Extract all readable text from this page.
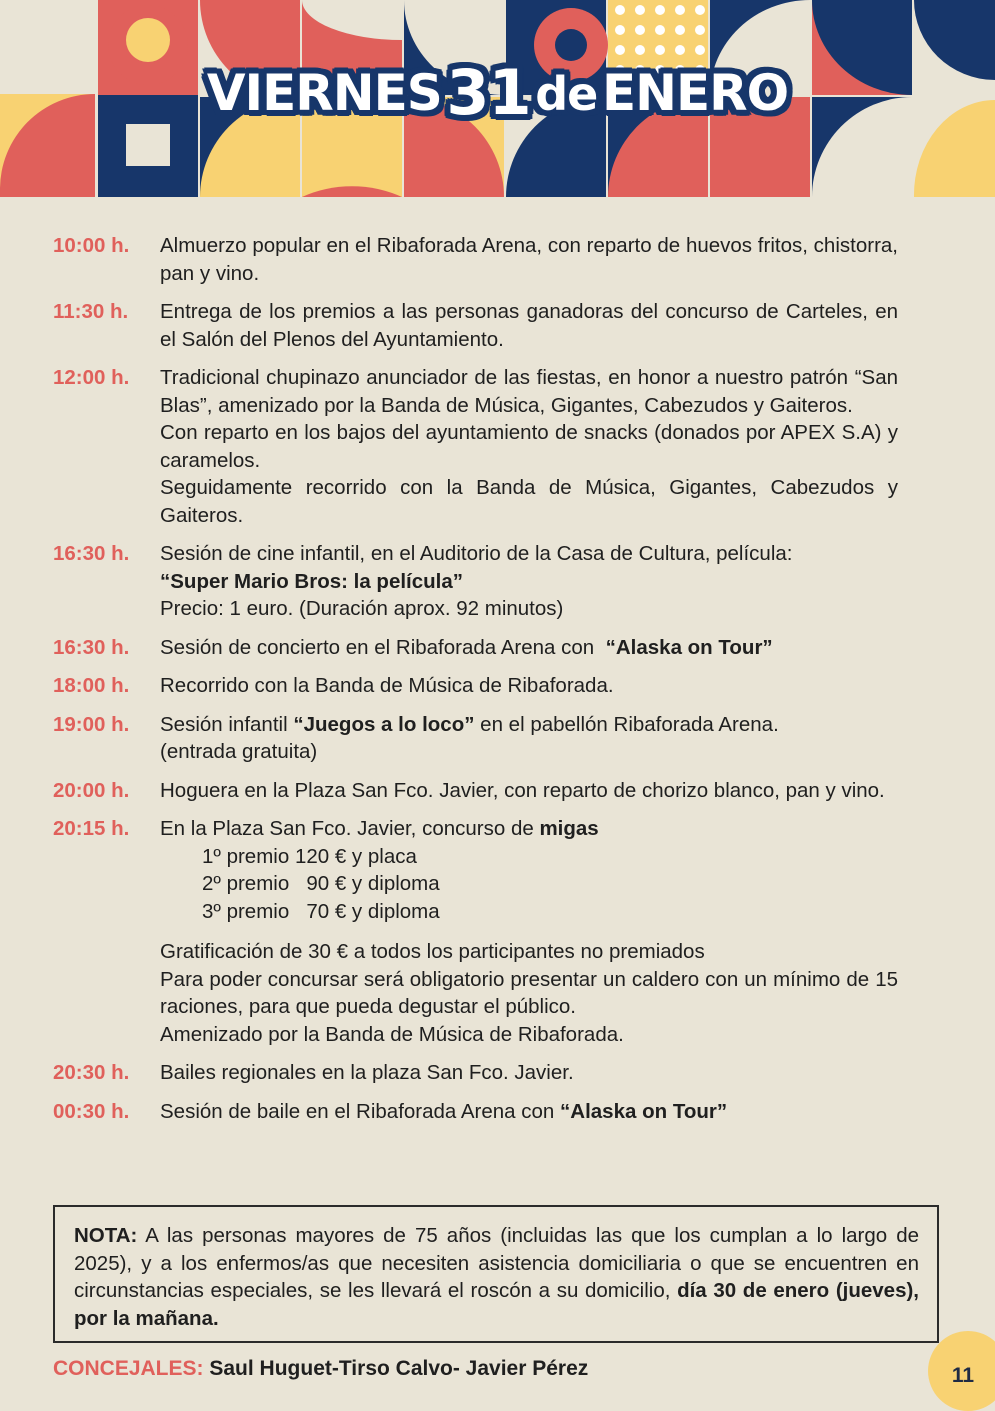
VIERNES 31 de ENERO
10:00 h.	Almuerzo popular en el Ribaforada Arena, con reparto de huevos fritos, chistorra, pan y vino.

11:30 h.	Entrega de los premios a las personas ganadoras del concurso de Carteles, en el Salón del Plenos del Ayuntamiento.

12:00 h.	Tradicional chupinazo anunciador de las fiestas, en honor a nuestro patrón “San Blas”, amenizado por la Banda de Música, Gigantes, Cabezudos y Gaiteros.

Con reparto en los bajos del ayuntamiento de snacks (donados por APEX S.A) y caramelos.

Seguidamente recorrido con la Banda de Música, Gigantes, Cabezudos y Gaiteros.

16:30 h.	Sesión de cine infantil, en el Auditorio de la Casa de Cultura, película:

“Super Mario Bros: la película”

Precio: 1 euro. (Duración aprox. 92 minutos)

16:30 h.	Sesión de concierto en el Ribaforada Arena con  “Alaska on Tour”
18:00 h.	Recorrido con la Banda de Música de Ribaforada.

19:00 h.	Sesión infantil “Juegos a lo loco” en el pabellón Ribaforada Arena.

(entrada gratuita)

20:00 h.	Hoguera en la Plaza San Fco. Javier, con reparto de chorizo blanco, pan y vino.

20:15 h.	En la Plaza San Fco. Javier, concurso de migas

1º premio 120 € y placa

2º premio   90 € y diploma

3º premio   70 € y diploma

Gratificación de 30 € a todos los participantes no premiados

Para poder concursar será obligatorio presentar un caldero con un mínimo de 15 raciones, para que pueda degustar el público.

Amenizado por la Banda de Música de Ribaforada.

20:30 h.	Bailes regionales en la plaza San Fco. Javier.

00:30 h.	Sesión de baile en el Ribaforada Arena con “Alaska on Tour”
NOTA: A las personas mayores de 75 años (incluidas las que los cumplan a lo largo de 2025), y a los enfermos/as que necesiten asistencia domiciliaria o que se encuentren en circunstancias especiales, se les llevará el roscón a su domicilio, día 30 de enero (jueves), por la mañana.
CONCEJALES: Saul Huguet-Tirso Calvo- Javier Pérez	11
